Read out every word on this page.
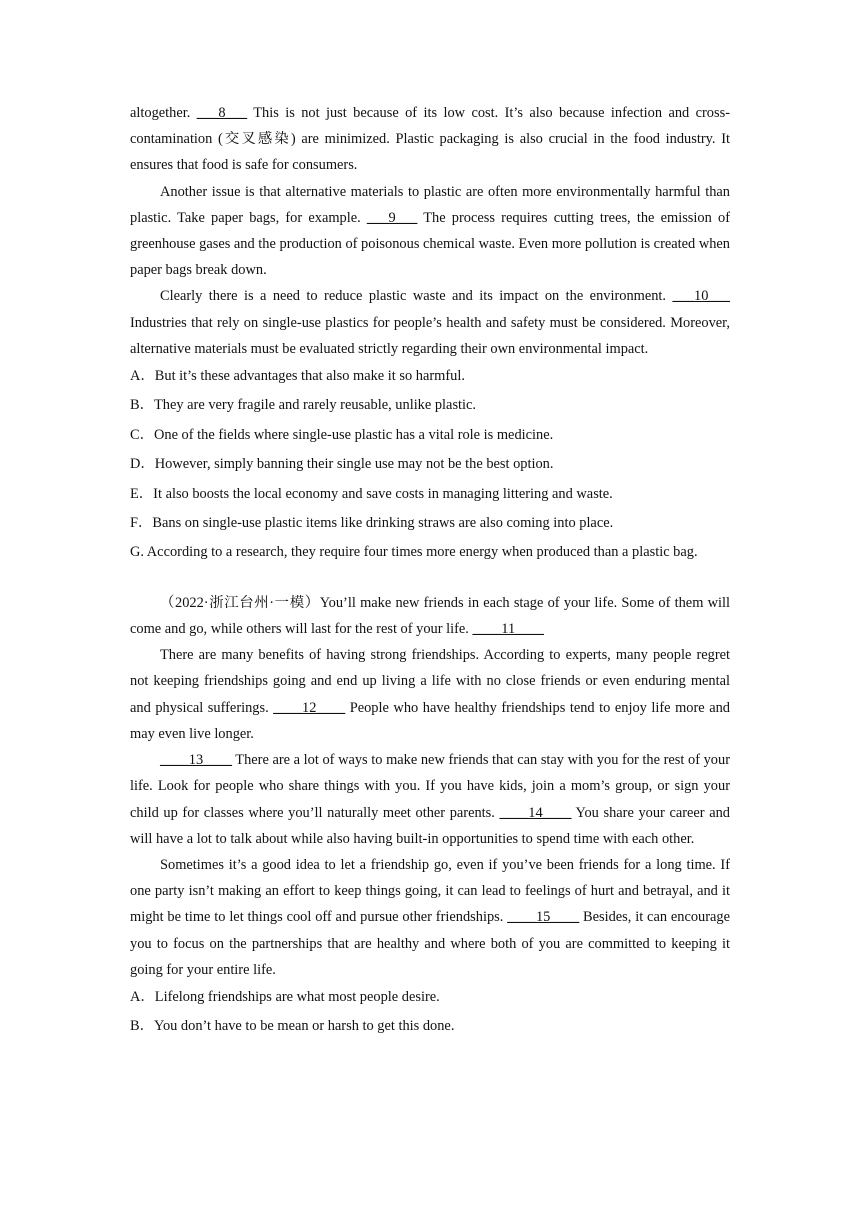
altogether. ___8___ This is not just because of its low cost. It’s also because infection and cross-contamination (交叉感染) are minimized. Plastic packaging is also crucial in the food industry. It ensures that food is safe for consumers.

Another issue is that alternative materials to plastic are often more environmentally harmful than plastic. Take paper bags, for example. ___9___ The process requires cutting trees, the emission of greenhouse gases and the production of poisonous chemical waste. Even more pollution is created when paper bags break down.

Clearly there is a need to reduce plastic waste and its impact on the environment. ___10___ Industries that rely on single-use plastics for people’s health and safety must be considered. Moreover, alternative materials must be evaluated strictly regarding their own environmental impact.

A．But it’s these advantages that also make it so harmful.

B．They are very fragile and rarely reusable, unlike plastic.

C．One of the fields where single-use plastic has a vital role is medicine.

D．However, simply banning their single use may not be the best option.

E．It also boosts the local economy and save costs in managing littering and waste.

F．Bans on single-use plastic items like drinking straws are also coming into place.

G. According to a research, they require four times more energy when produced than a plastic bag.

（2022·浙江台州·一模）You’ll make new friends in each stage of your life. Some of them will come and go, while others will last for the rest of your life. ____11____

There are many benefits of having strong friendships. According to experts, many people regret not keeping friendships going and end up living a life with no close friends or even enduring mental and physical sufferings. ____12____ People who have healthy friendships tend to enjoy life more and may even live longer.

____13____ There are a lot of ways to make new friends that can stay with you for the rest of your life. Look for people who share things with you. If you have kids, join a mom’s group, or sign your child up for classes where you’ll naturally meet other parents. ____14____ You share your career and will have a lot to talk about while also having built-in opportunities to spend time with each other.

Sometimes it’s a good idea to let a friendship go, even if you’ve been friends for a long time. If one party isn’t making an effort to keep things going, it can lead to feelings of hurt and betrayal, and it might be time to let things cool off and pursue other friendships. ____15____ Besides, it can encourage you to focus on the partnerships that are healthy and where both of you are committed to keeping it going for your entire life.

A．Lifelong friendships are what most people desire.

B．You don’t have to be mean or harsh to get this done.
